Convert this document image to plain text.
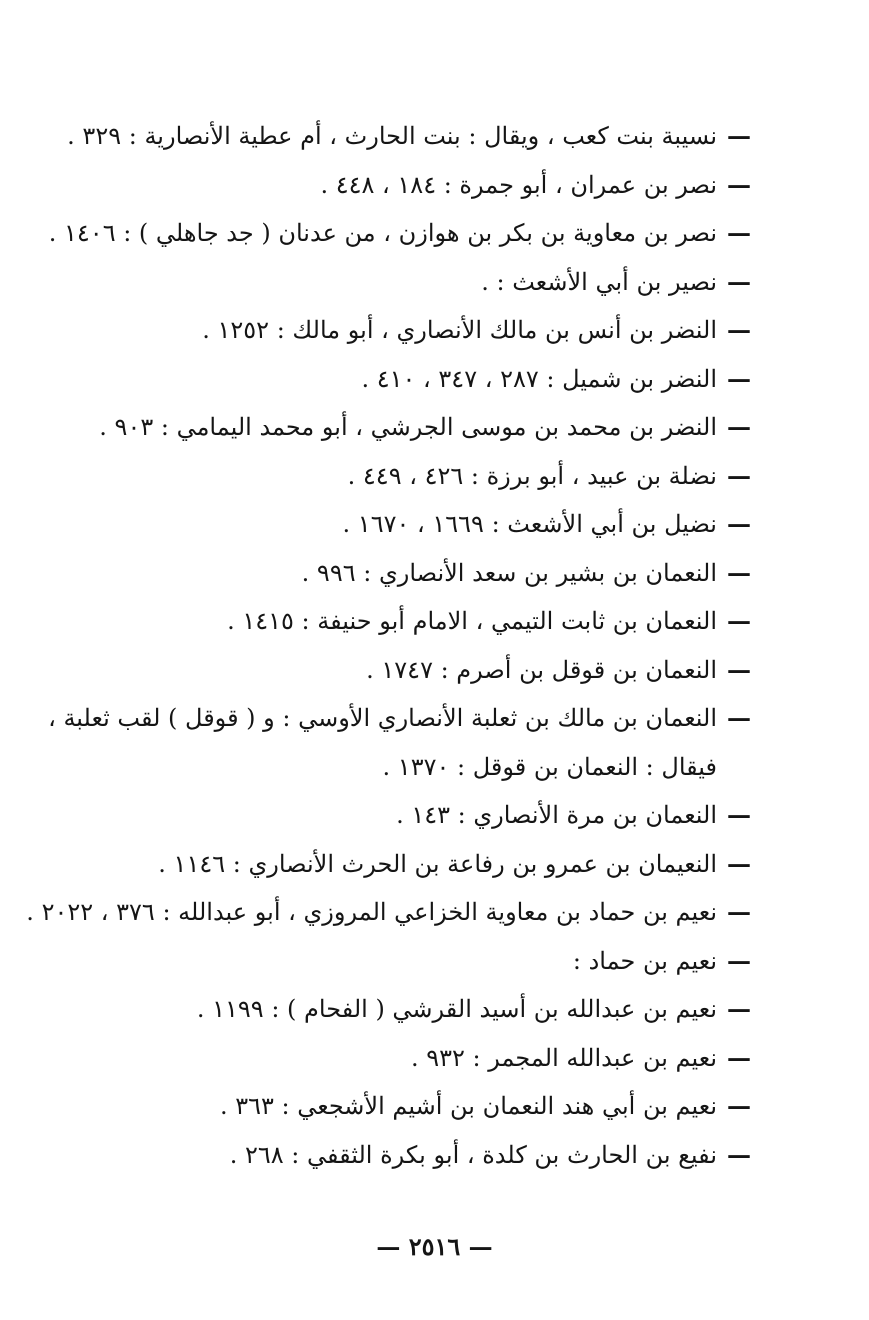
—
نسيبة بنت كعب ، ويقال : بنت الحارث ، أم عطية الأنصارية : ٣٢٩ .
—
نصر بن عمران ، أبو جمرة : ١٨٤ ، ٤٤٨ .
—
نصر بن معاوية بن بكر بن هوازن ، من عدنان ( جد جاهلي ) : ١٤٠٦ .
—
نصير بن أبي الأشعث : .
—
النضر بن أنس بن مالك الأنصاري ، أبو مالك : ١٢٥٢ .
—
النضر بن شميل : ٢٨٧ ، ٣٤٧ ، ٤١٠ .
—
النضر بن محمد بن موسى الجرشي ، أبو محمد اليمامي : ٩٠٣ .
—
نضلة بن عبيد ، أبو برزة : ٤٢٦ ، ٤٤٩ .
—
نضيل بن أبي الأشعث : ١٦٦٩ ، ١٦٧٠ .
—
النعمان بن بشير بن سعد الأنصاري : ٩٩٦ .
—
النعمان بن ثابت التيمي ، الامام أبو حنيفة : ١٤١٥ .
—
النعمان بن قوقل بن أصرم : ١٧٤٧ .
—
النعمان بن مالك بن ثعلبة الأنصاري الأوسي : و ( قوقل ) لقب ثعلبة ،
فيقال : النعمان بن قوقل : ١٣٧٠ .
—
النعمان بن مرة الأنصاري : ١٤٣ .
—
النعيمان بن عمرو بن رفاعة بن الحرث الأنصاري : ١١٤٦ .
—
نعيم بن حماد بن معاوية الخزاعي المروزي ، أبو عبدالله : ٣٧٦ ، ٢٠٢٢ .
—
نعيم بن حماد :
—
نعيم بن عبدالله بن أسيد القرشي ( الفحام ) : ١١٩٩ .
—
نعيم بن عبدالله المجمر : ٩٣٢ .
—
نعيم بن أبي هند النعمان بن أشيم الأشجعي : ٣٦٣ .
—
نفيع بن الحارث بن كلدة ، أبو بكرة الثقفي : ٢٦٨ .
— ٢٥١٦ —
